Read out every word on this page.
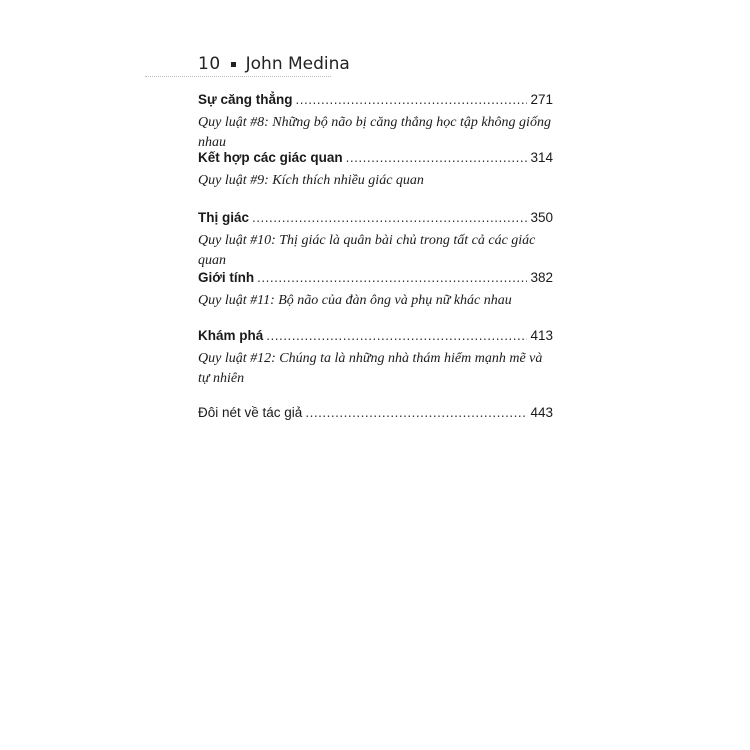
10 John Medina
Sự căng thẳng .....	271
Quy luật #8: Những bộ não bị căng thẳng học tập không giống nhau
Kết hợp các giác quan .....	314
Quy luật #9: Kích thích nhiều giác quan
Thị giác .....	350
Quy luật #10: Thị giác là quân bài chủ trong tất cả các giác quan
Giới tính .....	382
Quy luật #11: Bộ não của đàn ông và phụ nữ khác nhau
Khám phá .....	413
Quy luật #12: Chúng ta là những nhà thám hiểm mạnh mẽ và tự nhiên
Đôi nét về tác giả .....	443
